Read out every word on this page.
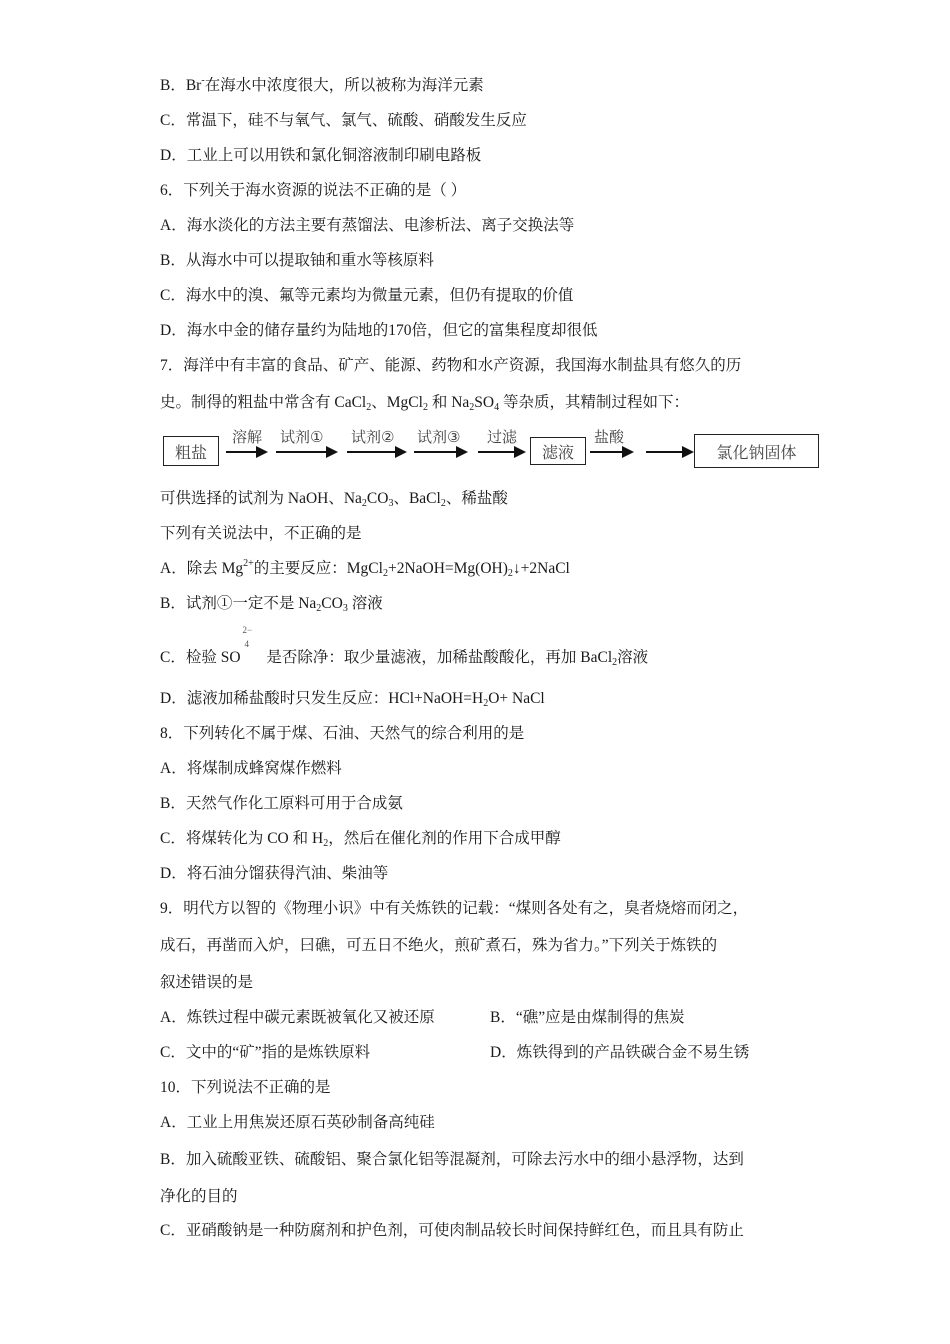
B．Br-在海水中浓度很大，所以被称为海洋元素
C．常温下，硅不与氧气、氯气、硫酸、硝酸发生反应
D．工业上可以用铁和氯化铜溶液制印刷电路板
6．下列关于海水资源的说法不正确的是（ ）
A．海水淡化的方法主要有蒸馏法、电渗析法、离子交换法等
B．从海水中可以提取铀和重水等核原料
C．海水中的溴、氟等元素均为微量元素，但仍有提取的价值
D．海水中金的储存量约为陆地的170倍，但它的富集程度却很低
7．海洋中有丰富的食品、矿产、能源、药物和水产资源，我国海水制盐具有悠久的历
史。制得的粗盐中常含有 CaCl$_2$、MgCl$_2$ 和 $Na_2SO_4$ 等杂质，其精制过程如下：
粗盐
溶解 试剂① 试剂② 试剂③ 过滤
滤液
盐酸
氯化钠固体
可供选择的试剂为 NaOH、$Na_2CO_3$、BaCl$_2$、稀盐酸
下列有关说法中，不正确的是
A．除去 $Mg^{2+}$的主要反应：$MgCl_2+2NaOH=Mg(OH)_2↓+2NaCl$
B．试剂①一定不是 $Na_2CO_3$ 溶液
C．检验 SO
2−
4
是否除净：取少量滤液，加稀盐酸酸化，再加 BaCl$_2$溶液
D．滤液加稀盐酸时只发生反应：$HCl+NaOH=H_2O+$ NaCl
8．下列转化不属于煤、石油、天然气的综合利用的是
A．将煤制成蜂窝煤作燃料
B．天然气作化工原料可用于合成氨
C．将煤转化为 CO 和 $H_2$，然后在催化剂的作用下合成甲醇
D．将石油分馏获得汽油、柴油等
9．明代方以智的《物理小识》中有关炼铁的记载：“煤则各处有之，臭者烧熔而闭之，
成石，再凿而入炉，曰礁，可五日不绝火，煎矿煮石，殊为省力。”下列关于炼铁的
叙述错误的是
A．炼铁过程中碳元素既被氧化又被还原	B．“礁”应是由煤制得的焦炭
C．文中的“矿”指的是炼铁原料	D．炼铁得到的产品铁碳合金不易生锈
10．下列说法不正确的是
A．工业上用焦炭还原石英砂制备高纯硅
B．加入硫酸亚铁、硫酸铝、聚合氯化铝等混凝剂，可除去污水中的细小悬浮物，达到
净化的目的
C．亚硝酸钠是一种防腐剂和护色剂，可使肉制品较长时间保持鲜红色，而且具有防止
